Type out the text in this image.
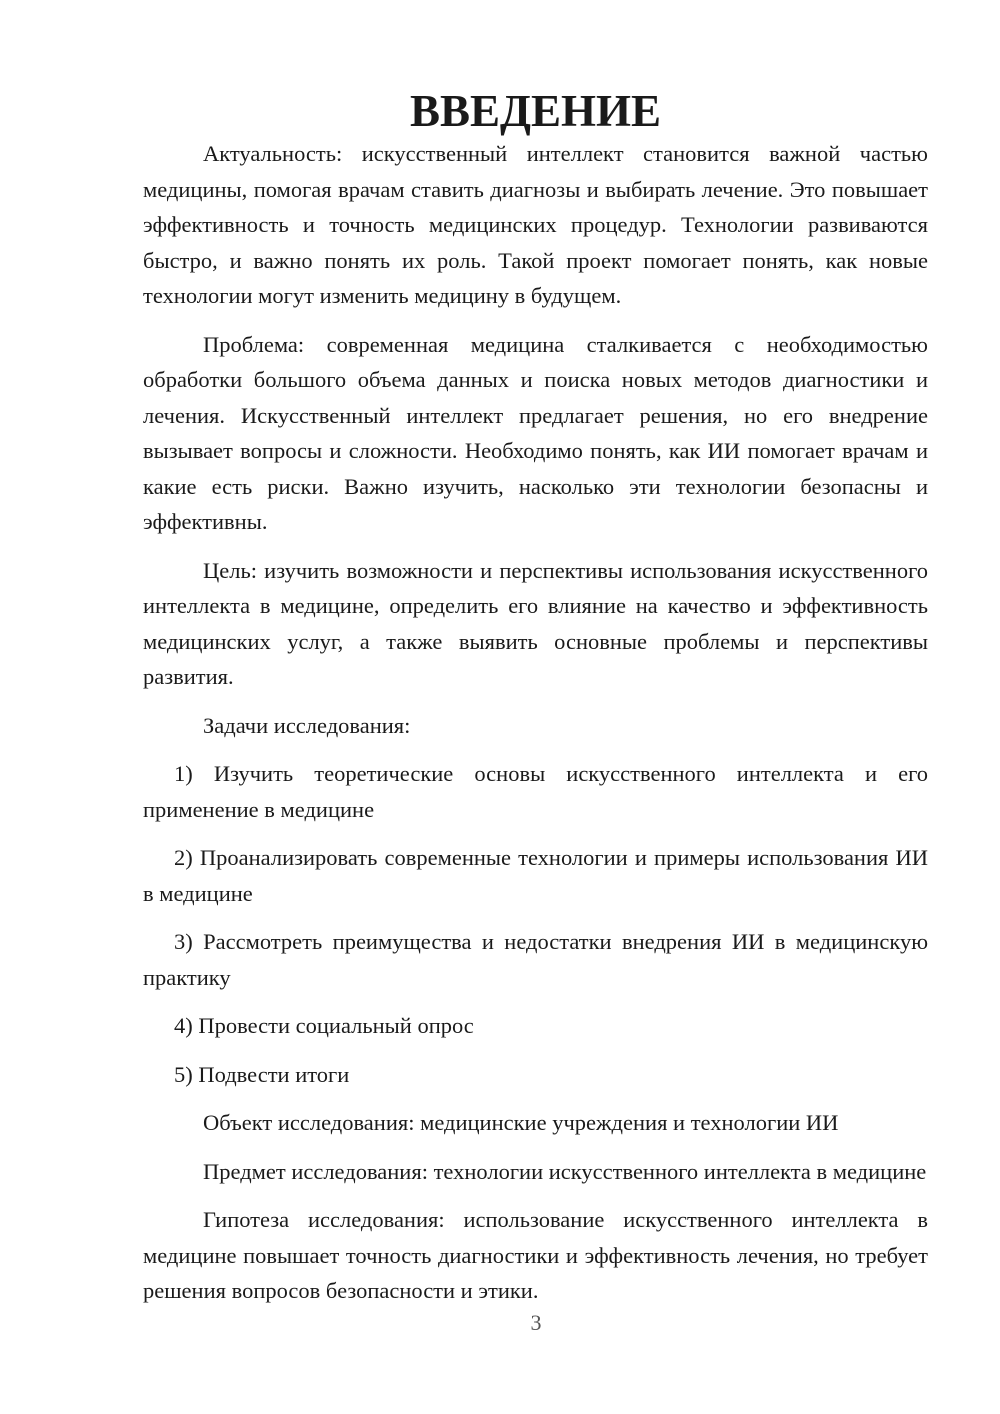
ВВЕДЕНИЕ

Актуальность: искусственный интеллект становится важной частью медицины, помогая врачам ставить диагнозы и выбирать лечение. Это повышает эффективность и точность медицинских процедур. Технологии развиваются быстро, и важно понять их роль. Такой проект помогает понять, как новые технологии могут изменить медицину в будущем.

Проблема: современная медицина сталкивается с необходимостью обработки большого объема данных и поиска новых методов диагностики и лечения. Искусственный интеллект предлагает решения, но его внедрение вызывает вопросы и сложности. Необходимо понять, как ИИ помогает врачам и какие есть риски. Важно изучить, насколько эти технологии безопасны и эффективны.

Цель: изучить возможности и перспективы использования искусственного интеллекта в медицине, определить его влияние на качество и эффективность медицинских услуг, а также выявить основные проблемы и перспективы развития.

Задачи исследования:

1) Изучить теоретические основы искусственного интеллекта и его применение в медицине

2) Проанализировать современные технологии и примеры использования ИИ в медицине

3) Рассмотреть преимущества и недостатки внедрения ИИ в медицинскую практику

4) Провести социальный опрос

5) Подвести итоги

Объект исследования: медицинские учреждения и технологии ИИ

Предмет исследования: технологии искусственного интеллекта в медицине

Гипотеза исследования: использование искусственного интеллекта в медицине повышает точность диагностики и эффективность лечения, но требует решения вопросов безопасности и этики.

3
